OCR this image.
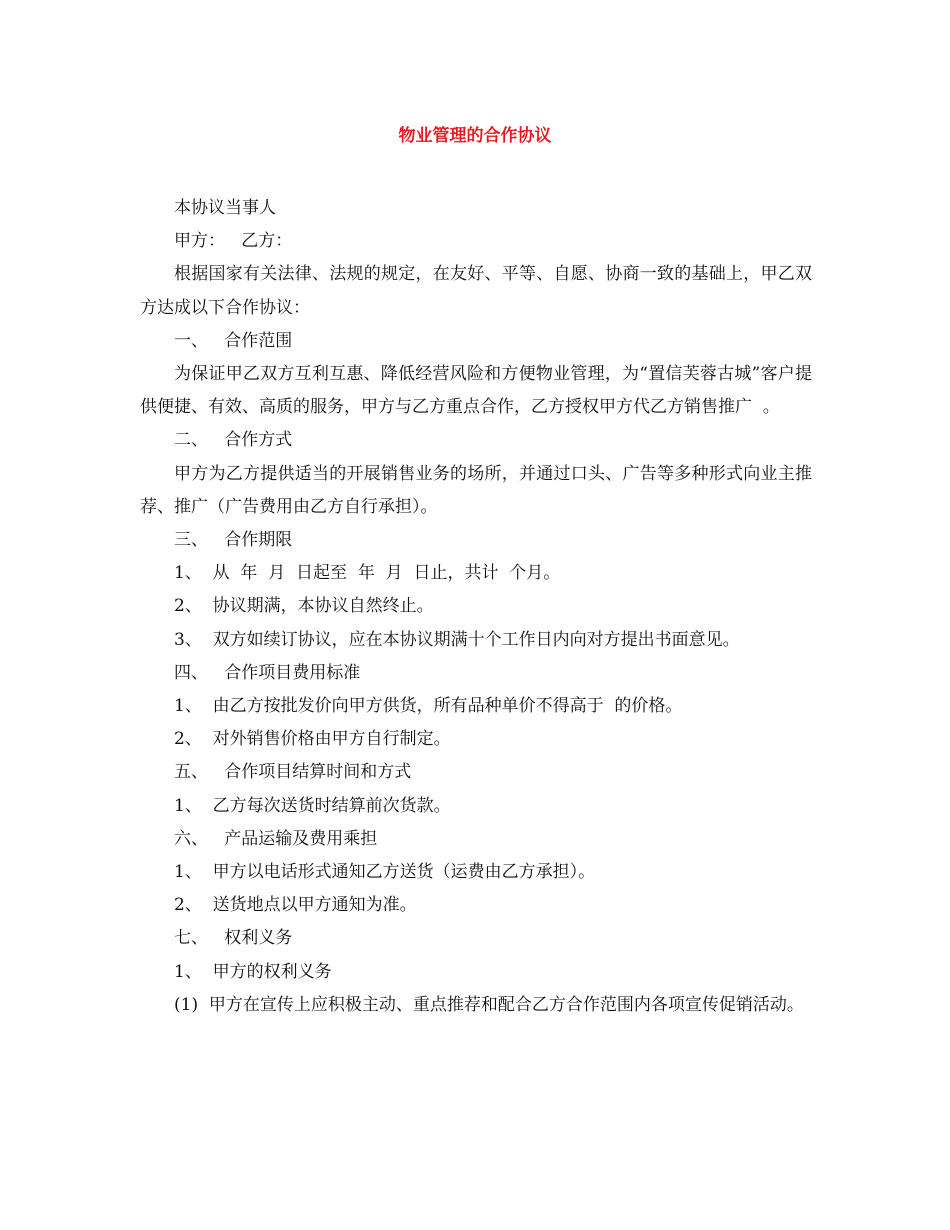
物业管理的合作协议

本协议当事人

甲方：   乙方：

根据国家有关法律、法规的规定，在友好、平等、自愿、协商一致的基础上，甲乙双方达成以下合作协议：

一、   合作范围

为保证甲乙双方互利互惠、降低经营风险和方便物业管理，为“置信芙蓉古城”客户提供便捷、有效、高质的服务，甲方与乙方重点合作，乙方授权甲方代乙方销售推广  。

二、   合作方式

甲方为乙方提供适当的开展销售业务的场所，并通过口头、广告等多种形式向业主推荐、推广（广告费用由乙方自行承担）。

三、   合作期限

1、  从  年  月  日起至  年  月  日止，共计  个月。

2、  协议期满，本协议自然终止。

3、  双方如续订协议，应在本协议期满十个工作日内向对方提出书面意见。

四、   合作项目费用标准

1、  由乙方按批发价向甲方供货，所有品种单价不得高于  的价格。

2、  对外销售价格由甲方自行制定。

五、   合作项目结算时间和方式

1、  乙方每次送货时结算前次货款。

六、   产品运输及费用乘担

1、  甲方以电话形式通知乙方送货（运费由乙方承担）。

2、  送货地点以甲方通知为准。

七、   权利义务

1、  甲方的权利义务

(1)  甲方在宣传上应积极主动、重点推荐和配合乙方合作范围内各项宣传促销活动。
